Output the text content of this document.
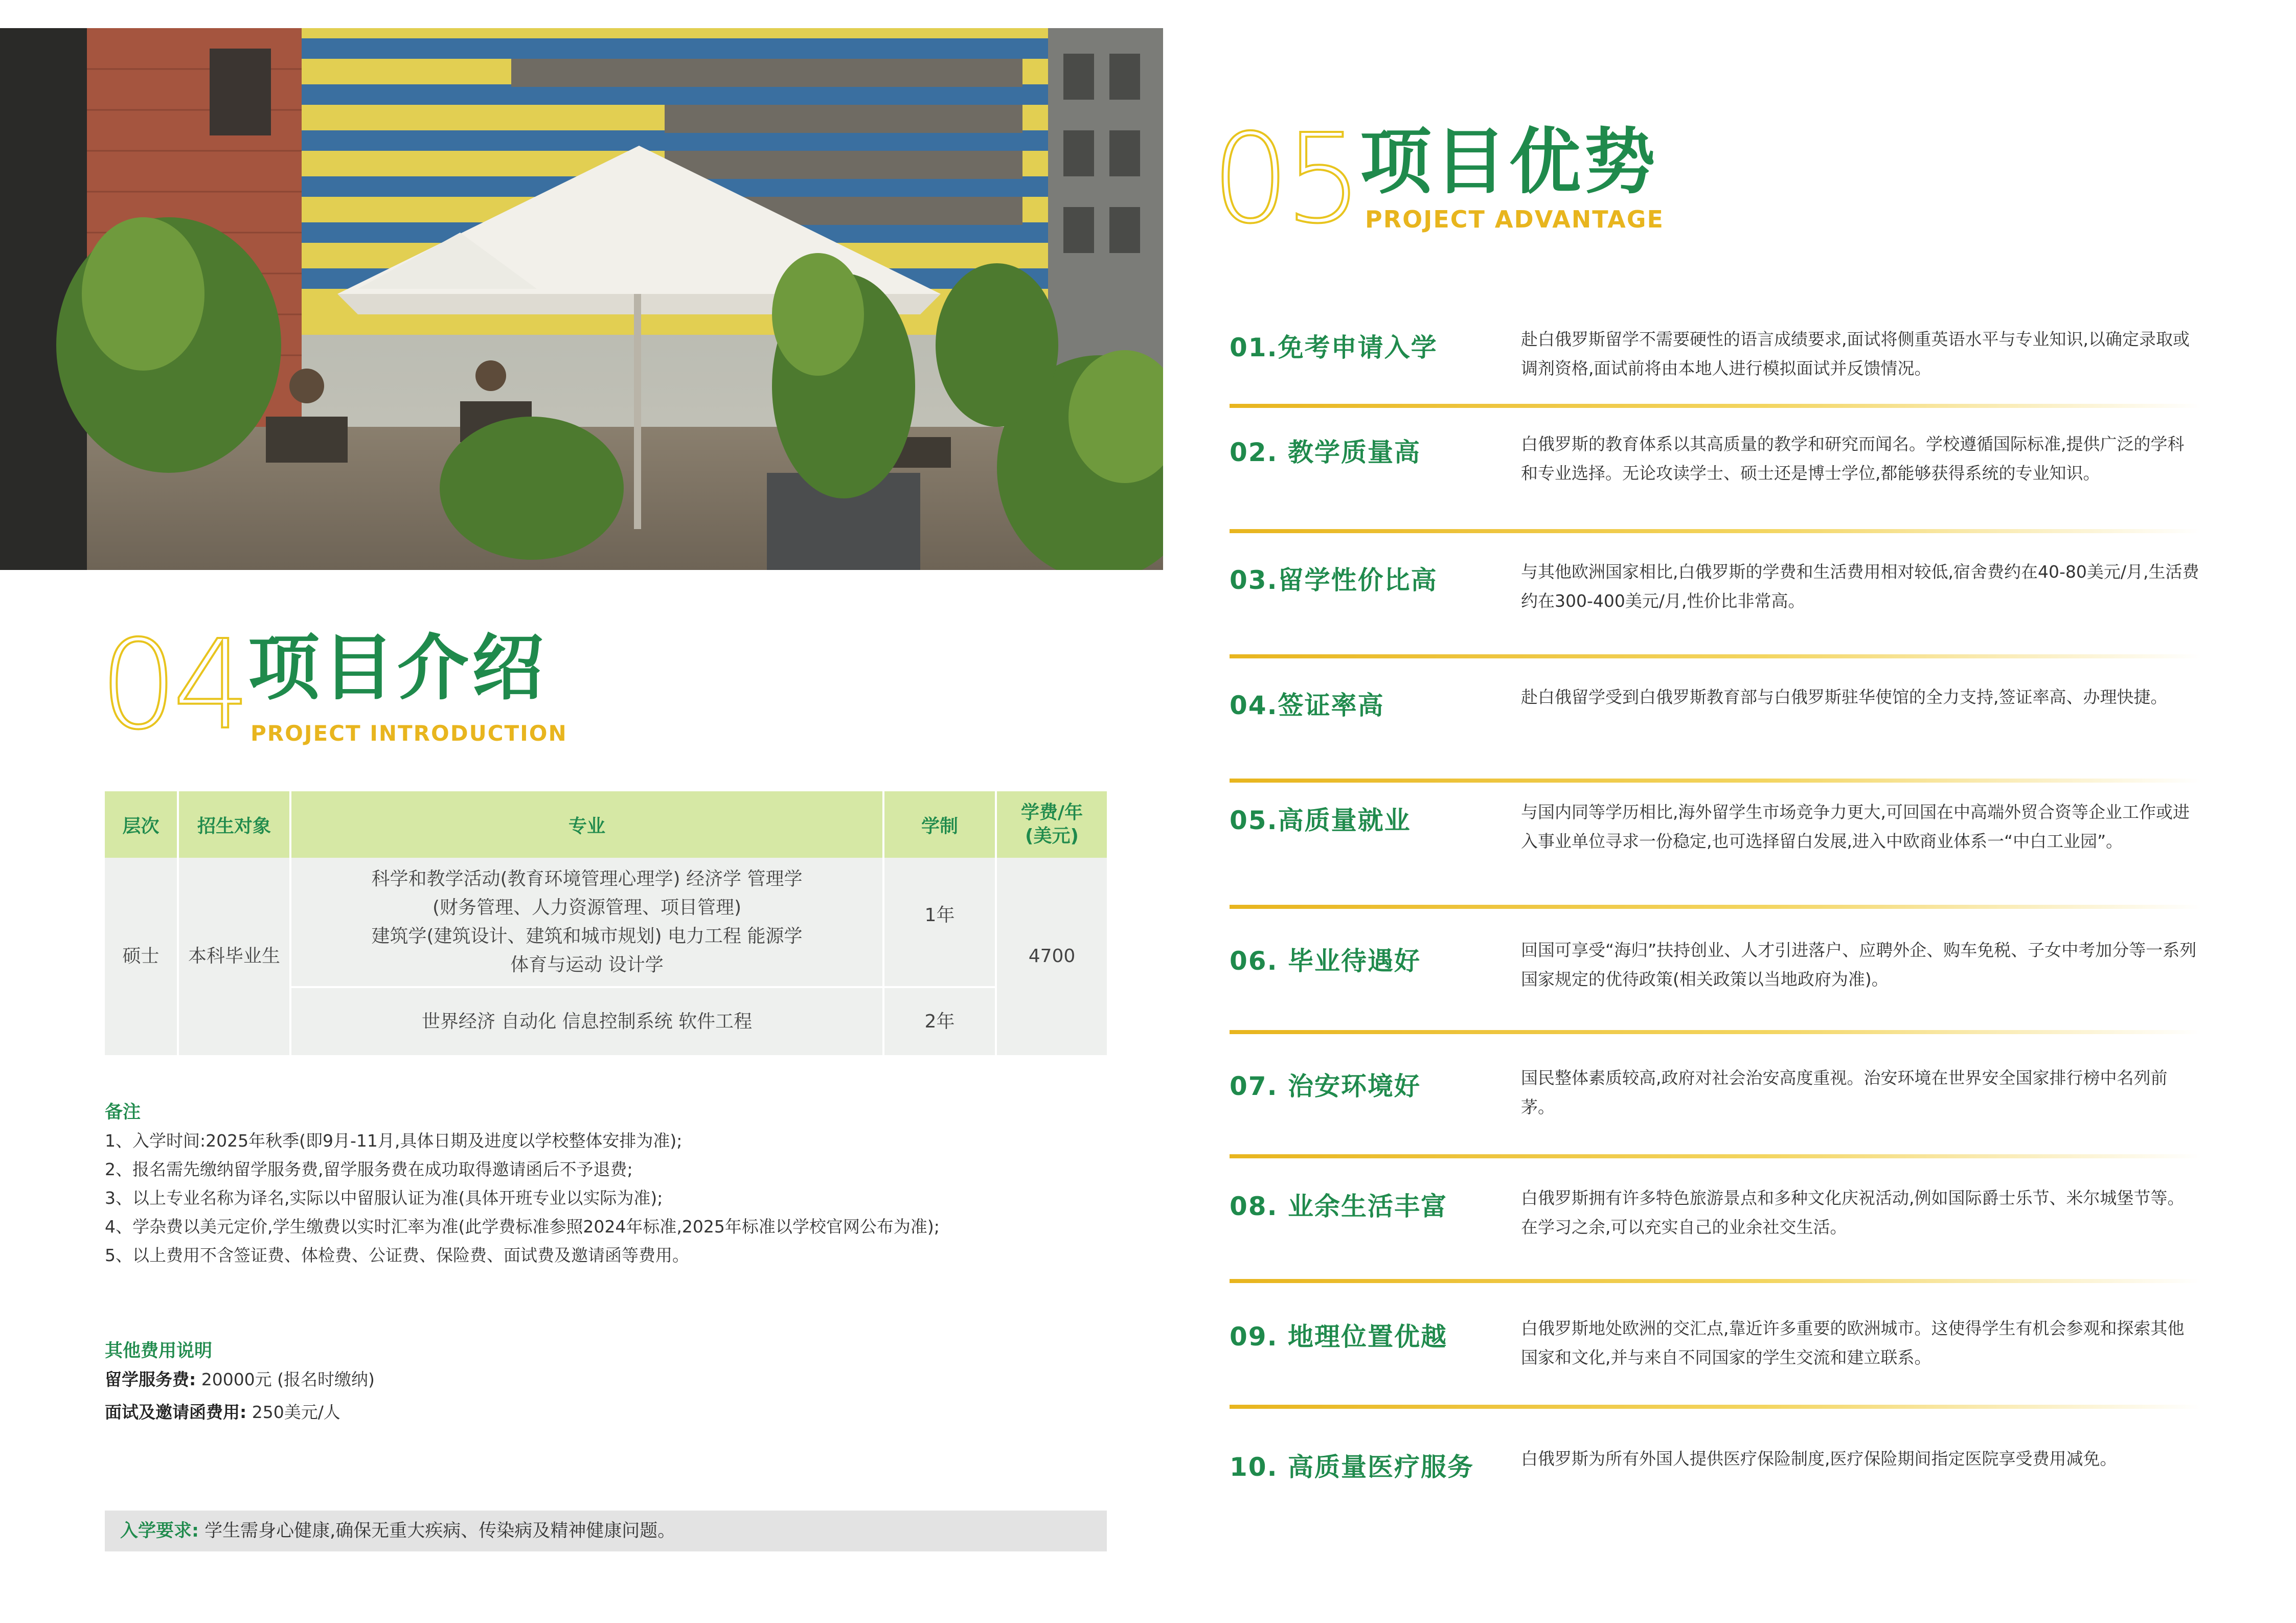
04 项目介绍
PROJECT INTRODUCTION
层次	招生对象	专业	学制	学费/年
(美元)
硕士	本科毕业生	科学和教学活动(教育环境管理心理学) 经济学 管理学
(财务管理、人力资源管理、项目管理)
建筑学(建筑设计、建筑和城市规划) 电力工程 能源学
体育与运动 设计学	1年	4700
		世界经济 自动化 信息控制系统 软件工程	2年	
备注
1、入学时间:2025年秋季(即9月-11月,具体日期及进度以学校整体安排为准);
2、报名需先缴纳留学服务费,留学服务费在成功取得邀请函后不予退费;
3、以上专业名称为译名,实际以中留服认证为准(具体开班专业以实际为准);
4、学杂费以美元定价,学生缴费以实时汇率为准(此学费标准参照2024年标准,2025年标准以学校官网公布为准);
5、以上费用不含签证费、体检费、公证费、保险费、面试费及邀请函等费用。
其他费用说明
留学服务费: 20000元 (报名时缴纳)
面试及邀请函费用: 250美元/人
入学要求: 学生需身心健康,确保无重大疾病、传染病及精神健康问题。
05 项目优势
PROJECT ADVANTAGE
01.免考申请入学	赴白俄罗斯留学不需要硬性的语言成绩要求,面试将侧重英语水平与专业知识,以确定录取或调剂资格,面试前将由本地人进行模拟面试并反馈情况。
02. 教学质量高	白俄罗斯的教育体系以其高质量的教学和研究而闻名。学校遵循国际标准,提供广泛的学科和专业选择。无论攻读学士、硕士还是博士学位,都能够获得系统的专业知识。
03.留学性价比高	与其他欧洲国家相比,白俄罗斯的学费和生活费用相对较低,宿舍费约在40-80美元/月,生活费约在300-400美元/月,性价比非常高。
04.签证率高	赴白俄留学受到白俄罗斯教育部与白俄罗斯驻华使馆的全力支持,签证率高、办理快捷。
05.高质量就业	与国内同等学历相比,海外留学生市场竞争力更大,可回国在中高端外贸合资等企业工作或进入事业单位寻求一份稳定,也可选择留白发展,进入中欧商业体系一“中白工业园”。
06. 毕业待遇好	回国可享受“海归”扶持创业、人才引进落户、应聘外企、购车免税、子女中考加分等一系列国家规定的优待政策(相关政策以当地政府为准)。
07. 治安环境好	国民整体素质较高,政府对社会治安高度重视。治安环境在世界安全国家排行榜中名列前茅。
08. 业余生活丰富	白俄罗斯拥有许多特色旅游景点和多种文化庆祝活动,例如国际爵士乐节、米尔城堡节等。在学习之余,可以充实自己的业余社交生活。
09. 地理位置优越	白俄罗斯地处欧洲的交汇点,靠近许多重要的欧洲城市。这使得学生有机会参观和探索其他国家和文化,并与来自不同国家的学生交流和建立联系。
10. 高质量医疗服务	白俄罗斯为所有外国人提供医疗保险制度,医疗保险期间指定医院享受费用减免。
